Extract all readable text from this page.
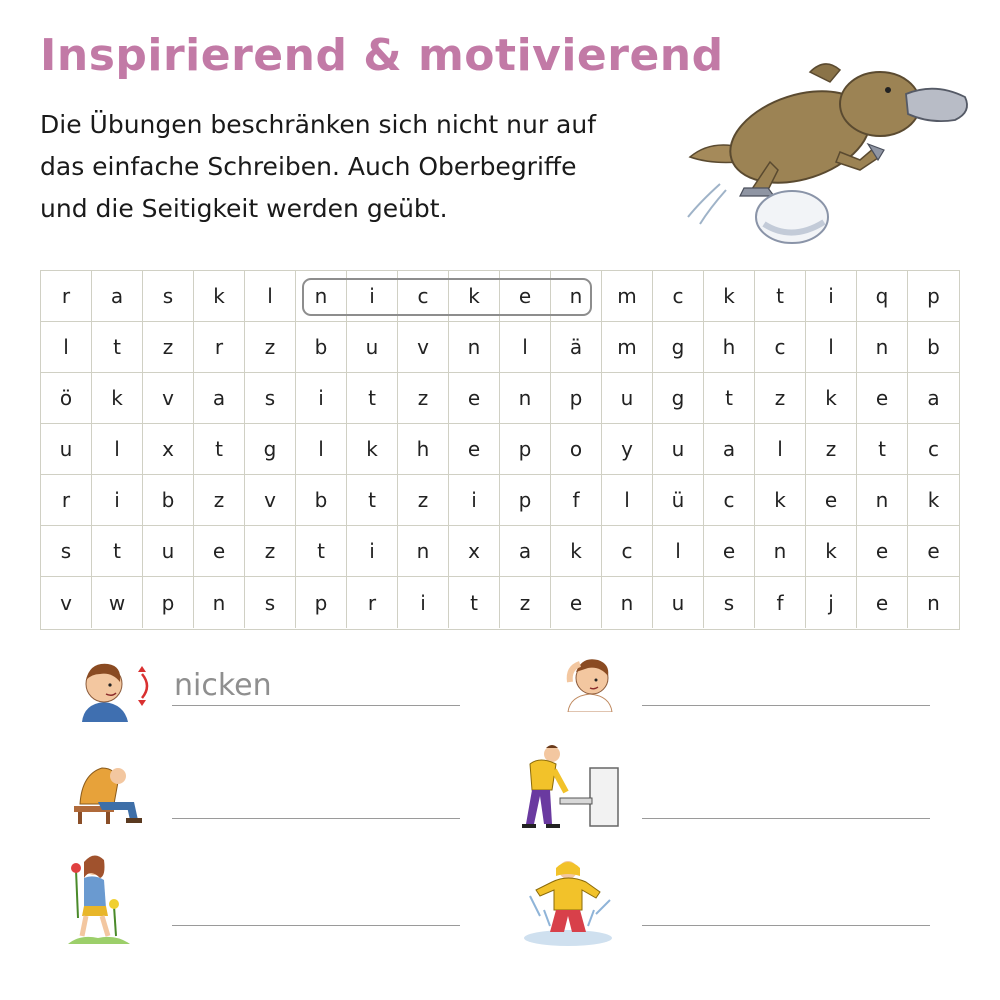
Inspirierend & motivierend
Die Übungen beschränken sich nicht nur auf
das einfache Schreiben. Auch Oberbegriffe
und die Seitigkeit werden geübt.
r	a	s	k	l	n	i	c	k	e	n	m	c	k	t	i	q	p
l	t	z	r	z	b	u	v	n	l	ä	m	g	h	c	l	n	b
ö	k	v	a	s	i	t	z	e	n	p	u	g	t	z	k	e	a
u	l	x	t	g	l	k	h	e	p	o	y	u	a	l	z	t	c
r	i	b	z	v	b	t	z	i	p	f	l	ü	c	k	e	n	k
s	t	u	e	z	t	i	n	x	a	k	c	l	e	n	k	e	e
v	w	p	n	s	p	r	i	t	z	e	n	u	s	f	j	e	n
nicken
